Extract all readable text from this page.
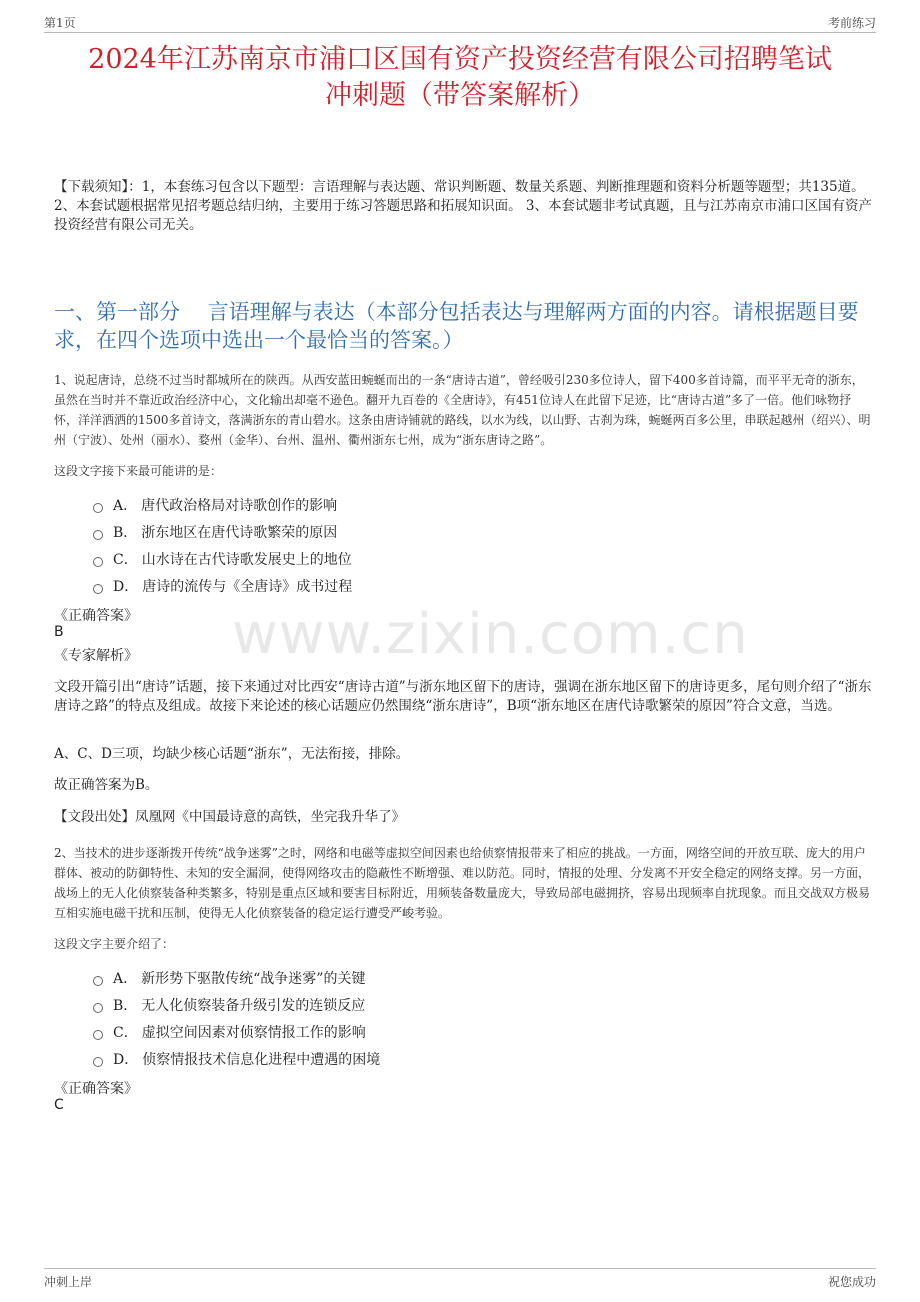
第1页	考前练习
2024年江苏南京市浦口区国有资产投资经营有限公司招聘笔试
冲刺题（带答案解析）
【下载须知】：1，本套练习包含以下题型：言语理解与表达题、常识判断题、数量关系题、判断推理题和资料分析题等题型；共135道。 2、本套试题根据常见招考题总结归纳，主要用于练习答题思路和拓展知识面。 3、本套试题非考试真题，且与江苏南京市浦口区国有资产投资经营有限公司无关。
一、第一部分　 言语理解与表达（本部分包括表达与理解两方面的内容。请根据题目要求，在四个选项中选出一个最恰当的答案。）
1、说起唐诗，总绕不过当时都城所在的陕西。从西安蓝田蜿蜒而出的一条“唐诗古道”，曾经吸引230多位诗人，留下400多首诗篇，而平平无奇的浙东，虽然在当时并不靠近政治经济中心，文化输出却毫不逊色。翻开九百卷的《全唐诗》，有451位诗人在此留下足迹，比“唐诗古道”多了一倍。他们咏物抒怀，洋洋洒洒的1500多首诗文，落满浙东的青山碧水。这条由唐诗铺就的路线，以水为线，以山野、古刹为珠，蜿蜒两百多公里，串联起越州（绍兴）、明州（宁波）、处州（丽水）、婺州（金华）、台州、温州、衢州浙东七州，成为“浙东唐诗之路”。
这段文字接下来最可能讲的是：
A． 唐代政治格局对诗歌创作的影响
B． 浙东地区在唐代诗歌繁荣的原因
C． 山水诗在古代诗歌发展史上的地位
D． 唐诗的流传与《全唐诗》成书过程
《正确答案》
B
《专家解析》 www.zixin.com.cn
文段开篇引出“唐诗”话题，接下来通过对比西安“唐诗古道”与浙东地区留下的唐诗，强调在浙东地区留下的唐诗更多，尾句则介绍了“浙东唐诗之路”的特点及组成。故接下来论述的核心话题应仍然围绕“浙东唐诗”，B项“浙东地区在唐代诗歌繁荣的原因”符合文意，当选。
A、C、D三项，均缺少核心话题“浙东”，无法衔接，排除。
故正确答案为B。
【文段出处】凤凰网《中国最诗意的高铁，坐完我升华了》
2、当技术的进步逐渐拨开传统“战争迷雾”之时，网络和电磁等虚拟空间因素也给侦察情报带来了相应的挑战。一方面，网络空间的开放互联、庞大的用户群体、被动的防御特性、未知的安全漏洞，使得网络攻击的隐蔽性不断增强、难以防范。同时，情报的处理、分发离不开安全稳定的网络支撑。另一方面，战场上的无人化侦察装备种类繁多，特别是重点区域和要害目标附近，用频装备数量庞大，导致局部电磁拥挤，容易出现频率自扰现象。而且交战双方极易互相实施电磁干扰和压制，使得无人化侦察装备的稳定运行遭受严峻考验。
这段文字主要介绍了：
A． 新形势下驱散传统“战争迷雾”的关键
B． 无人化侦察装备升级引发的连锁反应
C． 虚拟空间因素对侦察情报工作的影响
D． 侦察情报技术信息化进程中遭遇的困境
《正确答案》
C
冲刺上岸	祝您成功
